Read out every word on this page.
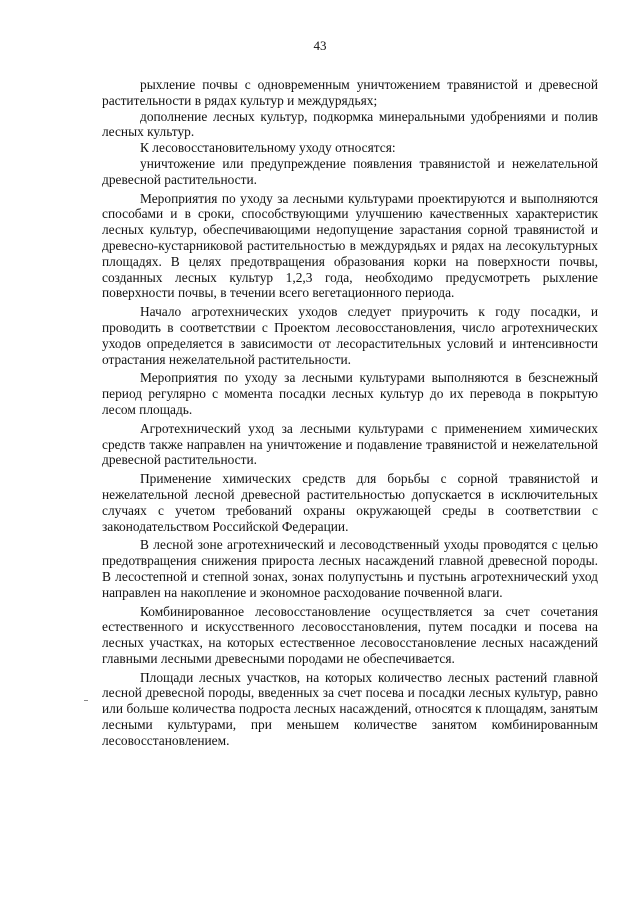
43

рыхление почвы с одновременным уничтожением травянистой и древесной растительности в рядах культур и междурядьях;

дополнение лесных культур, подкормка минеральными удобрениями и полив лесных культур.

К лесовосстановительному уходу относятся:

уничтожение или предупреждение появления травянистой и нежелательной древесной растительности.

Мероприятия по уходу за лесными культурами проектируются и выполняются способами и в сроки, способствующими улучшению качественных характеристик лесных культур, обеспечивающими недопущение зарастания сорной травянистой и древесно-кустарниковой растительностью в междурядьях и рядах на лесокультурных площадях. В целях предотвращения образования корки на поверхности почвы, созданных лесных культур 1,2,3 года, необходимо предусмотреть рыхление поверхности почвы, в течении всего вегетационного периода.

Начало агротехнических уходов следует приурочить к году посадки, и проводить в соответствии с Проектом лесовосстановления, число агротехнических уходов определяется в зависимости от лесорастительных условий и интенсивности отрастания нежелательной растительности.

Мероприятия по уходу за лесными культурами выполняются в безснежный период регулярно с момента посадки лесных культур до их перевода в покрытую лесом площадь.

Агротехнический уход за лесными культурами с применением химических средств также направлен на уничтожение и подавление травянистой и нежелательной древесной растительности.

Применение химических средств для борьбы с сорной травянистой и нежелательной лесной древесной растительностью допускается в исключительных случаях с учетом требований охраны окружающей среды в соответствии с законодательством Российской Федерации.

В лесной зоне агротехнический и лесоводственный уходы проводятся с целью предотвращения снижения прироста лесных насаждений главной древесной породы. В лесостепной и степной зонах, зонах полупустынь и пустынь агротехнический уход направлен на накопление и экономное расходование почвенной влаги.

Комбинированное лесовосстановление осуществляется за счет сочетания естественного и искусственного лесовосстановления, путем посадки и посева на лесных участках, на которых естественное лесовосстановление лесных насаждений главными лесными древесными породами не обеспечивается.

Площади лесных участков, на которых количество лесных растений главной лесной древесной породы, введенных за счет посева и посадки лесных культур, равно или больше количества подроста лесных насаждений, относятся к площадям, занятым лесными культурами, при меньшем количестве занятом комбинированным лесовосстановлением.
